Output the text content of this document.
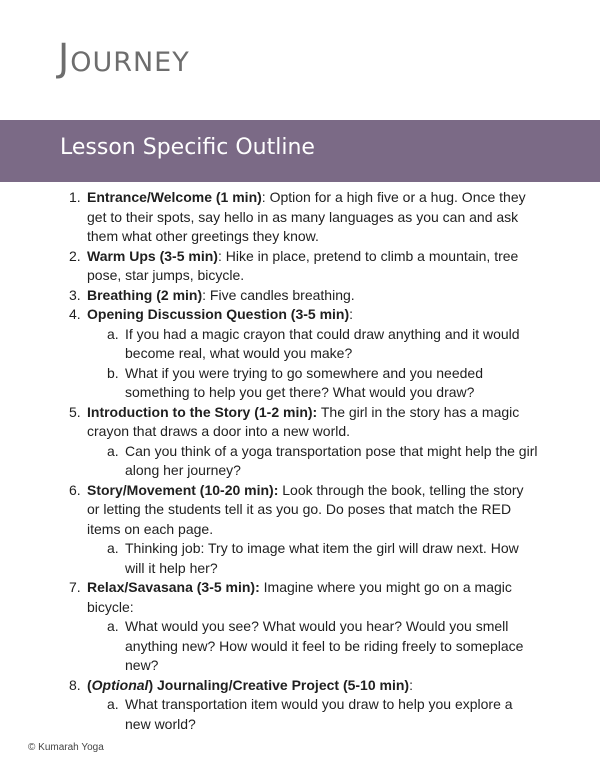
Journey
Lesson Specific Outline
1. Entrance/Welcome (1 min): Option for a high five or a hug. Once they get to their spots, say hello in as many languages as you can and ask them what other greetings they know.
2. Warm Ups (3-5 min): Hike in place, pretend to climb a mountain, tree pose, star jumps, bicycle.
3. Breathing (2 min): Five candles breathing.
4. Opening Discussion Question (3-5 min):
a. If you had a magic crayon that could draw anything and it would become real, what would you make?
b. What if you were trying to go somewhere and you needed something to help you get there? What would you draw?
5. Introduction to the Story (1-2 min): The girl in the story has a magic crayon that draws a door into a new world.
a. Can you think of a yoga transportation pose that might help the girl along her journey?
6. Story/Movement (10-20 min): Look through the book, telling the story or letting the students tell it as you go. Do poses that match the RED items on each page.
a. Thinking job: Try to image what item the girl will draw next. How will it help her?
7. Relax/Savasana (3-5 min): Imagine where you might go on a magic bicycle:
a. What would you see? What would you hear? Would you smell anything new? How would it feel to be riding freely to someplace new?
8. (Optional) Journaling/Creative Project (5-10 min):
a. What transportation item would you draw to help you explore a new world?
© Kumarah Yoga
